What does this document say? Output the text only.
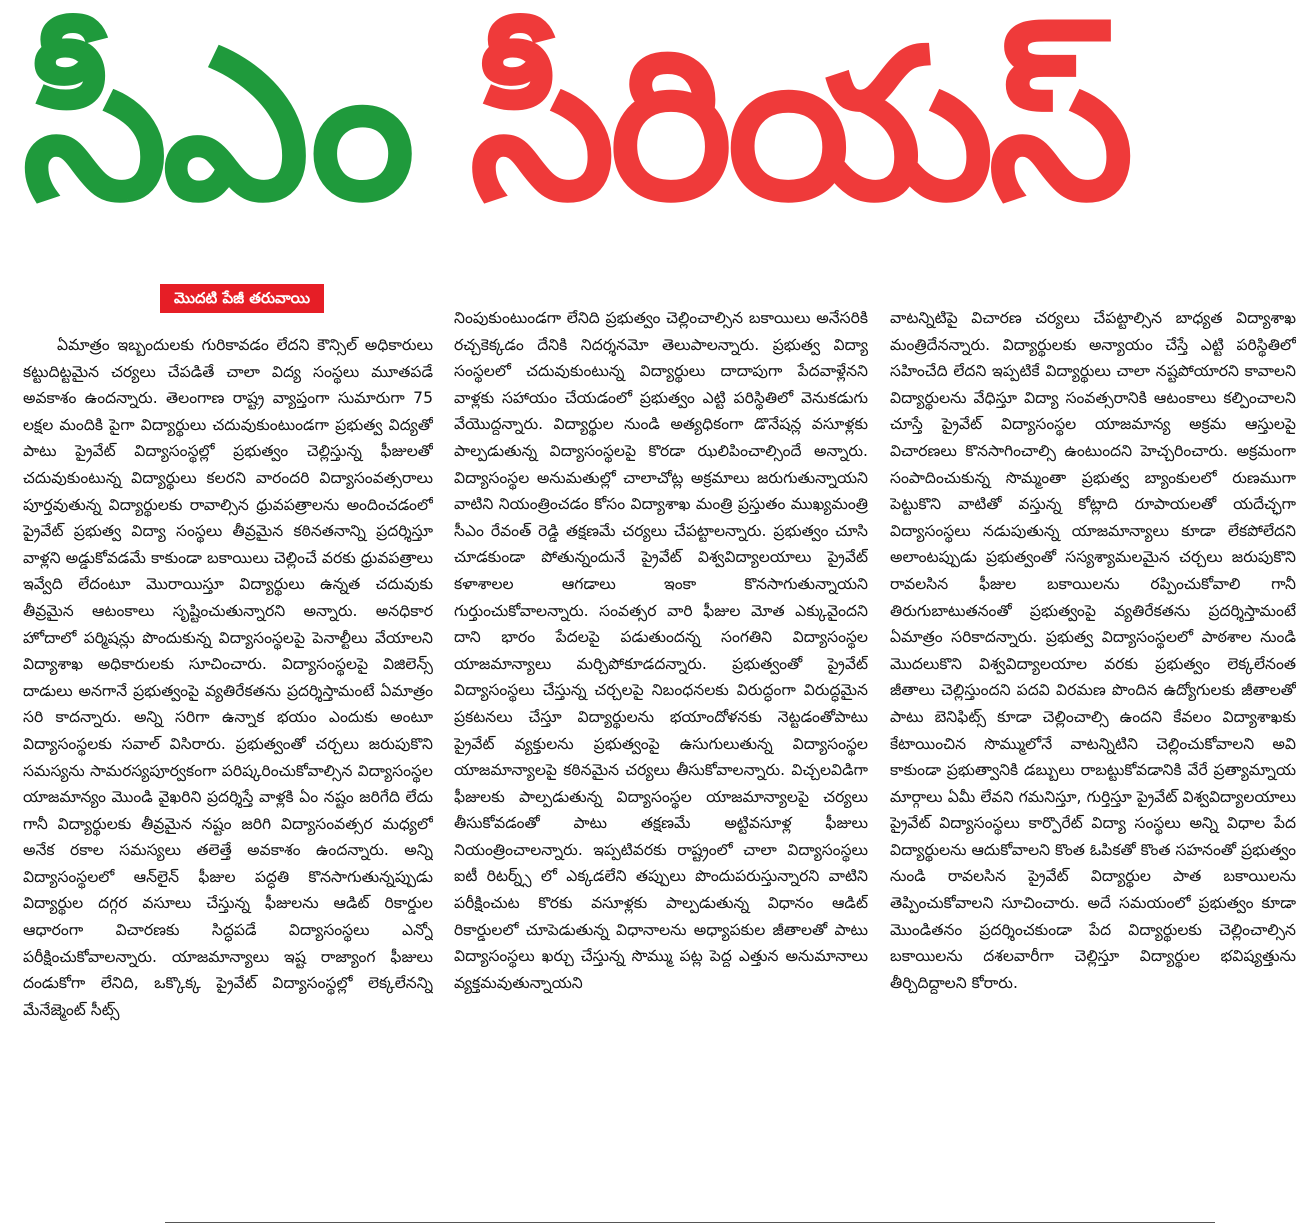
సీఎం సీరియస్
మొదటి పేజీ తరువాయి

ఏమాత్రం ఇబ్బందులకు గురికావడం లేదని కౌన్సిల్ అధికారులు కట్టుదిట్టమైన చర్యలు చేపడితే చాలా విద్య సంస్థలు మూతపడే అవకాశం ఉందన్నారు. తెలంగాణ రాష్ట్ర వ్యాప్తంగా సుమారుగా 75 లక్షల మందికి పైగా విద్యార్థులు చదువుకుంటుండగా ప్రభుత్వ విద్యతో పాటు ప్రైవేట్ విద్యాసంస్థల్లో ప్రభుత్వం చెల్లిస్తున్న ఫీజులతో చదువుకుంటున్న విద్యార్థులు కలరని వారందరి విద్యాసంవత్సరాలు పూర్తవుతున్న విద్యార్థులకు రావాల్సిన ధ్రువపత్రాలను అందించడంలో ప్రైవేట్ ప్రభుత్వ విద్యా సంస్థలు తీవ్రమైన కఠినతనాన్ని ప్రదర్శిస్తూ వాళ్లని అడ్డుకోవడమే కాకుండా బకాయిలు చెల్లించే వరకు ధ్రువపత్రాలు ఇవ్వేది లేదంటూ మొరాయిస్తూ విద్యార్థులు ఉన్నత చదువుకు తీవ్రమైన ఆటంకాలు సృష్టించుతున్నారని అన్నారు. అనధికార హోదాలో పర్మిషన్లు పొందుకున్న విద్యాసంస్థలపై పెనాల్టీలు వేయాలని విద్యాశాఖ అధికారులకు సూచించారు. విద్యాసంస్థలపై విజిలెన్స్ దాడులు అనగానే ప్రభుత్వంపై వ్యతిరేకతను ప్రదర్శిస్తామంటే ఏమాత్రం సరి కాదన్నారు. అన్ని సరిగా ఉన్నాక భయం ఎందుకు అంటూ విద్యాసంస్థలకు సవాల్ విసిరారు. ప్రభుత్వంతో చర్చలు జరుపుకొని సమస్యను సామరస్యపూర్వకంగా పరిష్కరించుకోవాల్సిన విద్యాసంస్థల యాజమాన్యం మొండి వైఖరిని ప్రదర్శిస్తే వాళ్లకి ఏం నష్టం జరిగేది లేదు గానీ విద్యార్థులకు తీవ్రమైన నష్టం జరిగి విద్యాసంవత్సర మధ్యలో అనేక రకాల సమస్యలు తలెత్తే అవకాశం ఉందన్నారు. అన్ని విద్యాసంస్థలలో ఆన్‌లైన్ ఫీజుల పద్ధతి కొనసాగుతున్నప్పుడు విద్యార్థుల దగ్గర వసూలు చేస్తున్న ఫీజులను ఆడిట్ రికార్డుల ఆధారంగా విచారణకు సిద్ధపడే విద్యాసంస్థలు ఎన్నో పరీక్షించుకోవాలన్నారు. యాజమాన్యాలు ఇష్ట రాజ్యాంగ ఫీజులు దండుకోగా లేనిది, ఒక్కొక్క ప్రైవేట్ విద్యాసంస్థల్లో లెక్కలేనన్ని మేనేజ్మెంట్ సీట్స్

నింపుకుంటుండగా లేనిది ప్రభుత్వం చెల్లించాల్సిన బకాయిలు అనేసరికి రచ్చకెక్కడం దేనికి నిదర్శనమో తెలుపాలన్నారు. ప్రభుత్వ విద్యా సంస్థలలో చదువుకుంటున్న విద్యార్థులు దాదాపుగా పేదవాళ్లేనని వాళ్లకు సహాయం చేయడంలో ప్రభుత్వం ఎట్టి పరిస్థితిలో వెనుకడుగు వేయొద్దన్నారు. విద్యార్థుల నుండి అత్యధికంగా డొనేషన్ల వసూళ్లకు పాల్పడుతున్న విద్యాసంస్థలపై కొరడా ఝలిపించాల్సిందే అన్నారు. విద్యాసంస్థల అనుమతుల్లో చాలాచోట్ల అక్రమాలు జరుగుతున్నాయని వాటిని నియంత్రించడం కోసం విద్యాశాఖ మంత్రి ప్రస్తుతం ముఖ్యమంత్రి సీఎం రేవంత్ రెడ్డి తక్షణమే చర్యలు చేపట్టాలన్నారు. ప్రభుత్వం చూసి చూడకుండా పోతున్నందునే ప్రైవేట్ విశ్వవిద్యాలయాలు ప్రైవేట్ కళాశాలల ఆగడాలు ఇంకా కొనసాగుతున్నాయని గుర్తుంచుకోవాలన్నారు. సంవత్సర వారి ఫీజుల మోత ఎక్కువైందని దాని భారం పేదలపై పడుతుందన్న సంగతిని విద్యాసంస్థల యాజమాన్యాలు మర్చిపోకూడదన్నారు. ప్రభుత్వంతో ప్రైవేట్ విద్యాసంస్థలు చేస్తున్న చర్చలపై నిబంధనలకు విరుద్ధంగా విరుద్ధమైన ప్రకటనలు చేస్తూ విద్యార్థులను భయాందోళనకు నెట్టడంతోపాటు ప్రైవేట్ వ్యక్తులను ప్రభుత్వంపై ఉసుగులుతున్న విద్యాసంస్థల యాజమాన్యాలపై కఠినమైన చర్యలు తీసుకోవాలన్నారు. విచ్చలవిడిగా ఫీజులకు పాల్పడుతున్న విద్యాసంస్థల యాజమాన్యాలపై చర్యలు తీసుకోవడంతో పాటు తక్షణమే అట్టివసూళ్ల ఫీజులు నియంత్రించాలన్నారు. ఇప్పటివరకు రాష్ట్రంలో చాలా విద్యాసంస్థలు ఐటీ రిటర్న్స్ లో ఎక్కడలేని తప్పులు పొందుపరుస్తున్నారని వాటిని పరీక్షించుట కొరకు వసూళ్లకు పాల్పడుతున్న విధానం ఆడిట్ రికార్డులలో చూపెడుతున్న విధానాలను అధ్యాపకుల జీతాలతో పాటు విద్యాసంస్థలు ఖర్చు చేస్తున్న సొమ్ము పట్ల పెద్ద ఎత్తున అనుమానాలు వ్యక్తమవుతున్నాయని

వాటన్నిటిపై విచారణ చర్యలు చేపట్టాల్సిన బాధ్యత విద్యాశాఖ మంత్రిదేనన్నారు. విద్యార్థులకు అన్యాయం చేస్తే ఎట్టి పరిస్థితిలో సహించేది లేదని ఇప్పటికే విద్యార్థులు చాలా నష్టపోయారని కావాలని విద్యార్థులను వేధిస్తూ విద్యా సంవత్సరానికి ఆటంకాలు కల్పించాలని చూస్తే ప్రైవేట్ విద్యాసంస్థల యాజమాన్య అక్రమ ఆస్తులపై విచారణలు కొనసాగించాల్సి ఉంటుందని హెచ్చరించారు. అక్రమంగా సంపాదించుకున్న సొమ్మంతా ప్రభుత్వ బ్యాంకులలో రుణముగా పెట్టుకొని వాటితో వస్తున్న కోట్లాది రూపాయలతో యదేచ్ఛగా విద్యాసంస్థలు నడుపుతున్న యాజమాన్యాలు కూడా లేకపోలేదని అలాంటప్పుడు ప్రభుత్వంతో సస్యశ్యామలమైన చర్చలు జరుపుకొని రావలసిన ఫీజుల బకాయిలను రప్పించుకోవాలి గానీ తిరుగుబాటుతనంతో ప్రభుత్వంపై వ్యతిరేకతను ప్రదర్శిస్తామంటే ఏమాత్రం సరికాదన్నారు. ప్రభుత్వ విద్యాసంస్థలలో పాఠశాల నుండి మొదలుకొని విశ్వవిద్యాలయాల వరకు ప్రభుత్వం లెక్కలేనంత జీతాలు చెల్లిస్తుందని పదవి విరమణ పొందిన ఉద్యోగులకు జీతాలతో పాటు బెనిఫిట్స్ కూడా చెల్లించాల్సి ఉందని కేవలం విద్యాశాఖకు కేటాయించిన సొమ్ములోనే వాటన్నిటిని చెల్లించుకోవాలని అవి కాకుండా ప్రభుత్వానికి డబ్బులు రాబట్టుకోవడానికి వేరే ప్రత్యామ్నాయ మార్గాలు ఏమీ లేవని గమనిస్తూ, గుర్తిస్తూ ప్రైవేట్ విశ్వవిద్యాలయాలు ప్రైవేట్ విద్యాసంస్థలు కార్పొరేట్ విద్యా సంస్థలు అన్ని విధాల పేద విద్యార్థులను ఆదుకోవాలని కొంత ఓపికతో కొంత సహనంతో ప్రభుత్వం నుండి రావలసిన ప్రైవేట్ విద్యార్థుల పాత బకాయిలను తెప్పించుకోవాలని సూచించారు. అదే సమయంలో ప్రభుత్వం కూడా మొండితనం ప్రదర్శించకుండా పేద విద్యార్థులకు చెల్లించాల్సిన బకాయిలను దశలవారీగా చెల్లిస్తూ విద్యార్థుల భవిష్యత్తును తీర్చిదిద్దాలని కోరారు.
